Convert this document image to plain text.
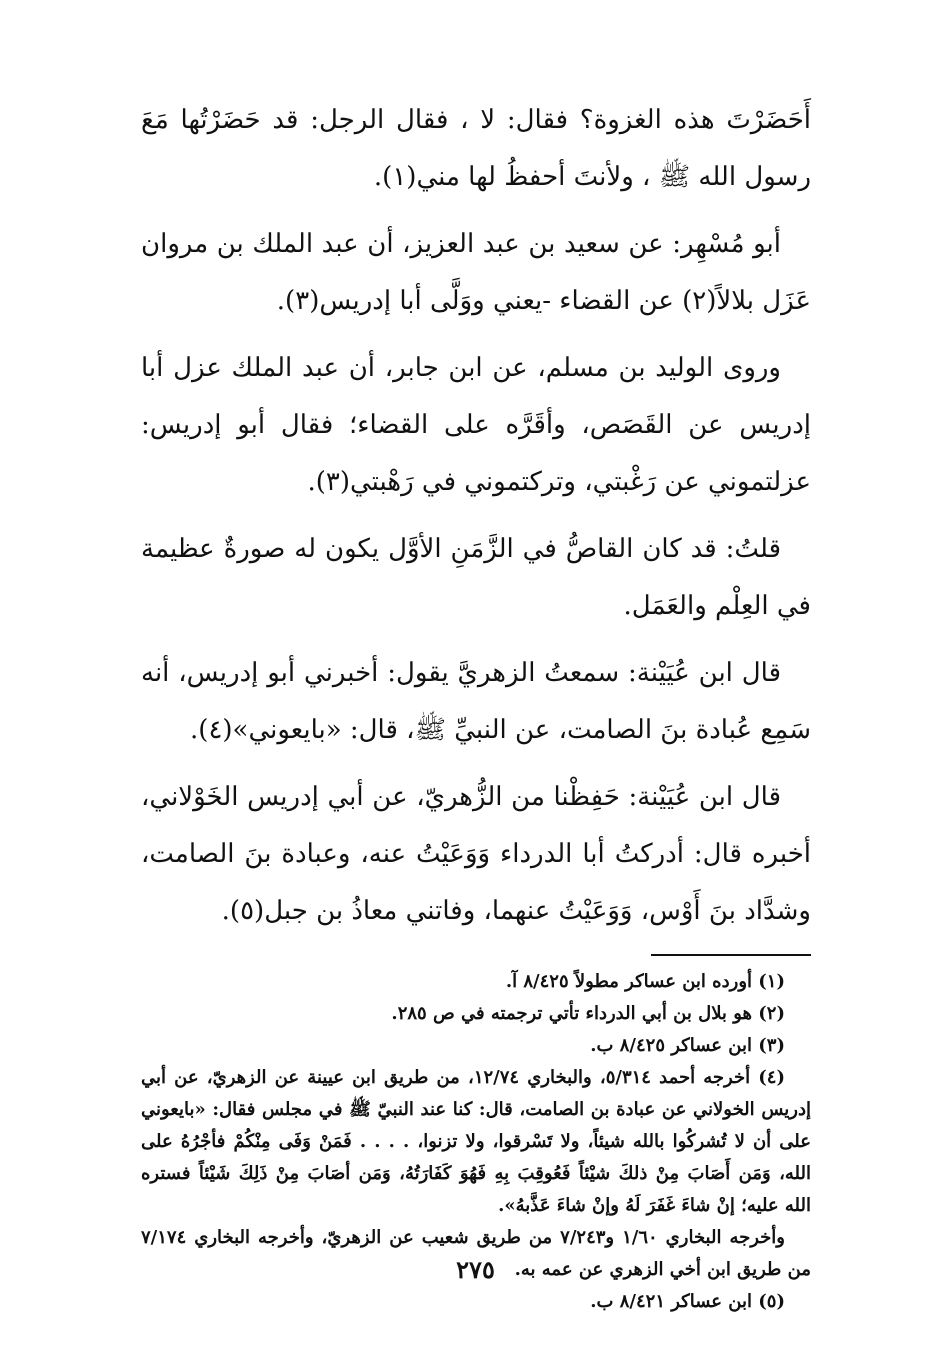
أَحَضَرْتَ هذه الغزوة؟ فقال: لا ، فقال الرجل: قد حَضَرْتُها مَعَ رسول الله ﷺ ، ولأنتَ أحفظُ لها مني(١).

أبو مُسْهِر: عن سعيد بن عبد العزيز، أن عبد الملك بن مروان عَزَل بلالاً(٢) عن القضاء -يعني ووَلَّى أبا إدريس(٣).

وروى الوليد بن مسلم، عن ابن جابر، أن عبد الملك عزل أبا إدريس عن القَصَص، وأقَرَّه على القضاء؛ فقال أبو إدريس: عزلتموني عن رَغْبتي، وتركتموني في رَهْبتي(٣).

قلتُ: قد كان القاصُّ في الزَّمَنِ الأوَّل يكون له صورةٌ عظيمة في العِلْم والعَمَل.

قال ابن عُيَيْنة: سمعتُ الزهريَّ يقول: أخبرني أبو إدريس، أنه سَمِع عُبادة بنَ الصامت، عن النبيِّ ﷺ، قال: «بايعوني»(٤).

قال ابن عُيَيْنة: حَفِظْنا من الزُّهريّ، عن أبي إدريس الخَوْلاني، أخبره قال: أدركتُ أبا الدرداء وَوَعَيْتُ عنه، وعبادة بنَ الصامت، وشدَّاد بنَ أَوْس، وَوَعَيْتُ عنهما، وفاتني معاذُ بن جبل(٥).

(١) أورده ابن عساكر مطولاً ٨/٤٢٥ آ.

(٢) هو بلال بن أبي الدرداء تأتي ترجمته في ص ٢٨٥.

(٣) ابن عساكر ٨/٤٢٥ ب.

(٤) أخرجه أحمد ٥/٣١٤، والبخاري ١٢/٧٤، من طريق ابن عيينة عن الزهريّ، عن أبي إدريس الخولاني عن عبادة بن الصامت، قال: كنا عند النبيّ ﷺ في مجلس فقال: «بايعوني على أن لا تُشركُوا بالله شيئاً، ولا تَسْرقوا، ولا تزنوا، . . . . فَمَنْ وَفَى مِنْكُمْ فأجْرُهُ على الله، وَمَن أَصَابَ مِنْ ذلكَ شيْئاً فَعُوقِبَ بِهِ فَهُوَ كَفَارَتُهُ، وَمَن أصَابَ مِنْ ذَلِكَ شَيْئاً فستره الله عليه؛ إنْ شاءَ غَفَرَ لَهُ وإنْ شاءَ عَذَّبهُ».

وأخرجه البخاري ١/٦٠ و٧/٢٤٣ من طريق شعيب عن الزهريّ، وأخرجه البخاري ٧/١٧٤ من طريق ابن أخي الزهري عن عمه به.

(٥) ابن عساكر ٨/٤٢١ ب.

٢٧٥
